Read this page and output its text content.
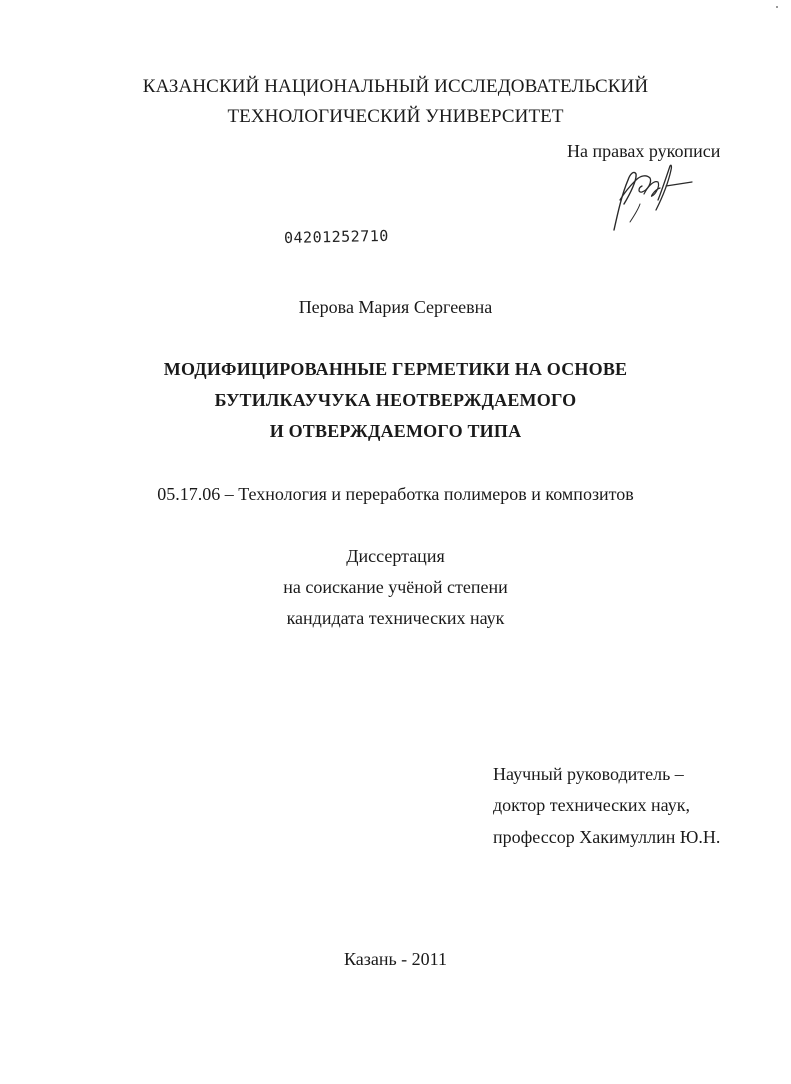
КАЗАНСКИЙ НАЦИОНАЛЬНЫЙ ИССЛЕДОВАТЕЛЬСКИЙ
ТЕХНОЛОГИЧЕСКИЙ УНИВЕРСИТЕТ
На правах рукописи
04201252710
Перова Мария Сергеевна
МОДИФИЦИРОВАННЫЕ ГЕРМЕТИКИ НА ОСНОВЕ
БУТИЛКАУЧУКА НЕОТВЕРЖДАЕМОГО
И ОТВЕРЖДАЕМОГО ТИПА
05.17.06 – Технология и переработка полимеров и композитов
Диссертация
на соискание учёной степени
кандидата технических наук
Научный руководитель –
доктор технических наук,
профессор Хакимуллин Ю.Н.
Казань - 2011
